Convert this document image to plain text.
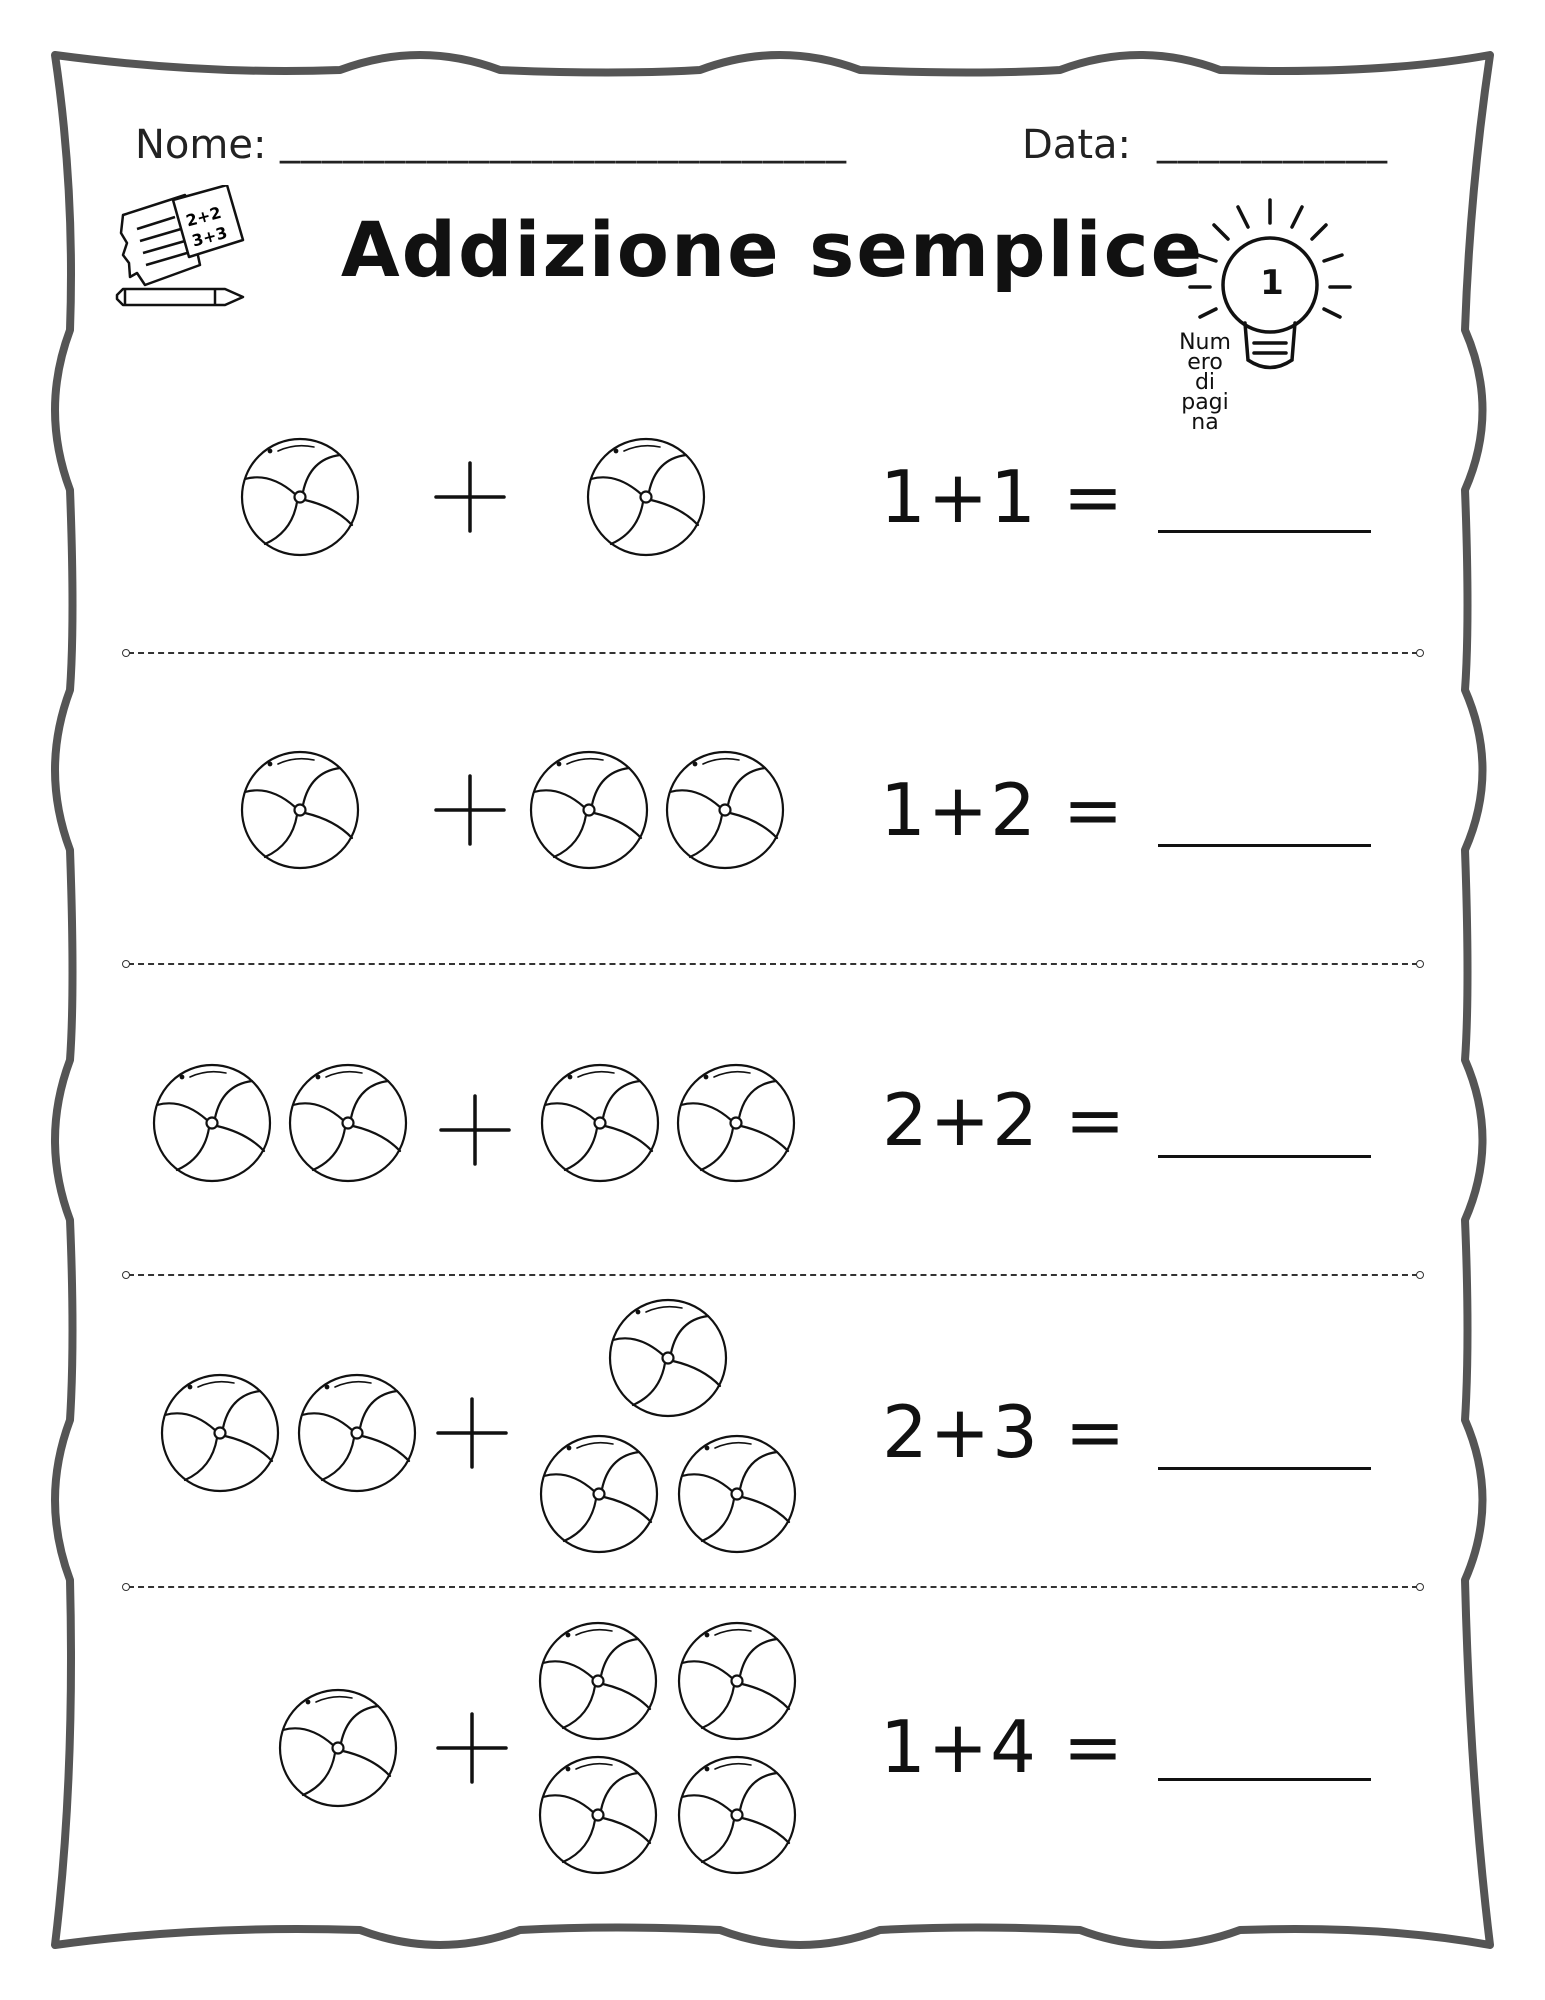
Nome: ___________________________	Data: ___________
Addizione semplice
2+2
3+3
1
Num
ero
di
pagi
na
1+1 =
1+2 =
2+2 =
2+3 =
1+4 =
